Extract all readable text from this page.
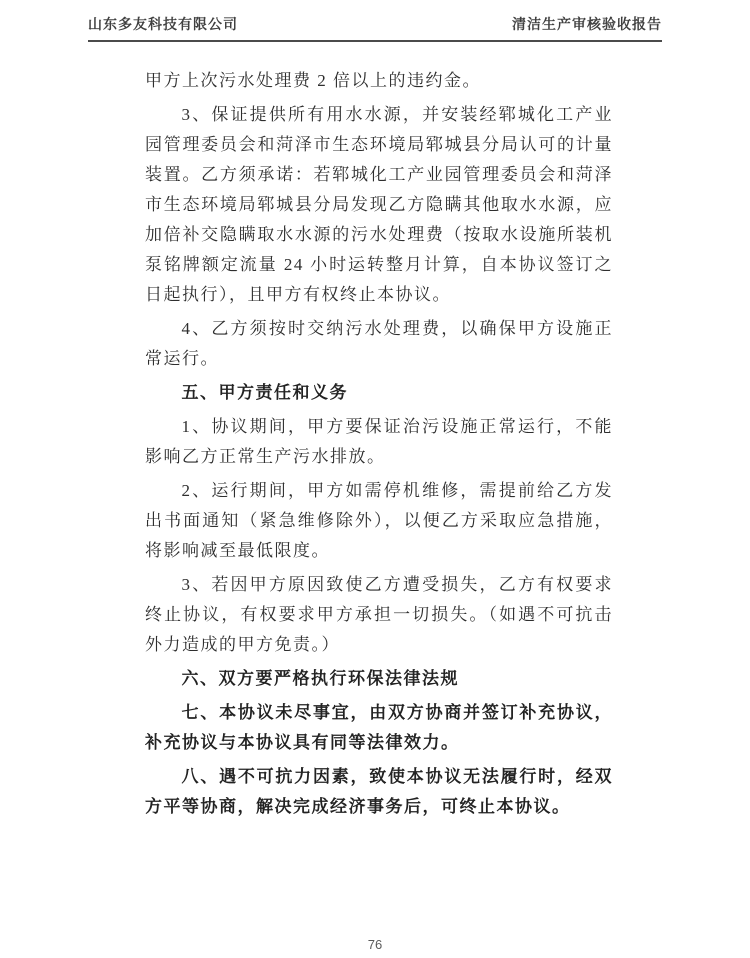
山东多友科技有限公司	清洁生产审核验收报告

甲方上次污水处理费 2 倍以上的违约金。

3、保证提供所有用水水源，并安装经郓城化工产业园管理委员会和菏泽市生态环境局郓城县分局认可的计量装置。乙方须承诺：若郓城化工产业园管理委员会和菏泽市生态环境局郓城县分局发现乙方隐瞒其他取水水源，应加倍补交隐瞒取水水源的污水处理费（按取水设施所装机泵铭牌额定流量 24 小时运转整月计算，自本协议签订之日起执行），且甲方有权终止本协议。

4、乙方须按时交纳污水处理费，以确保甲方设施正常运行。

五、甲方责任和义务

1、协议期间，甲方要保证治污设施正常运行，不能影响乙方正常生产污水排放。

2、运行期间，甲方如需停机维修，需提前给乙方发出书面通知（紧急维修除外），以便乙方采取应急措施，将影响减至最低限度。

3、若因甲方原因致使乙方遭受损失，乙方有权要求终止协议，有权要求甲方承担一切损失。（如遇不可抗击外力造成的甲方免责。）

六、双方要严格执行环保法律法规

七、本协议未尽事宜，由双方协商并签订补充协议，补充协议与本协议具有同等法律效力。

八、遇不可抗力因素，致使本协议无法履行时，经双方平等协商，解决完成经济事务后，可终止本协议。

76
